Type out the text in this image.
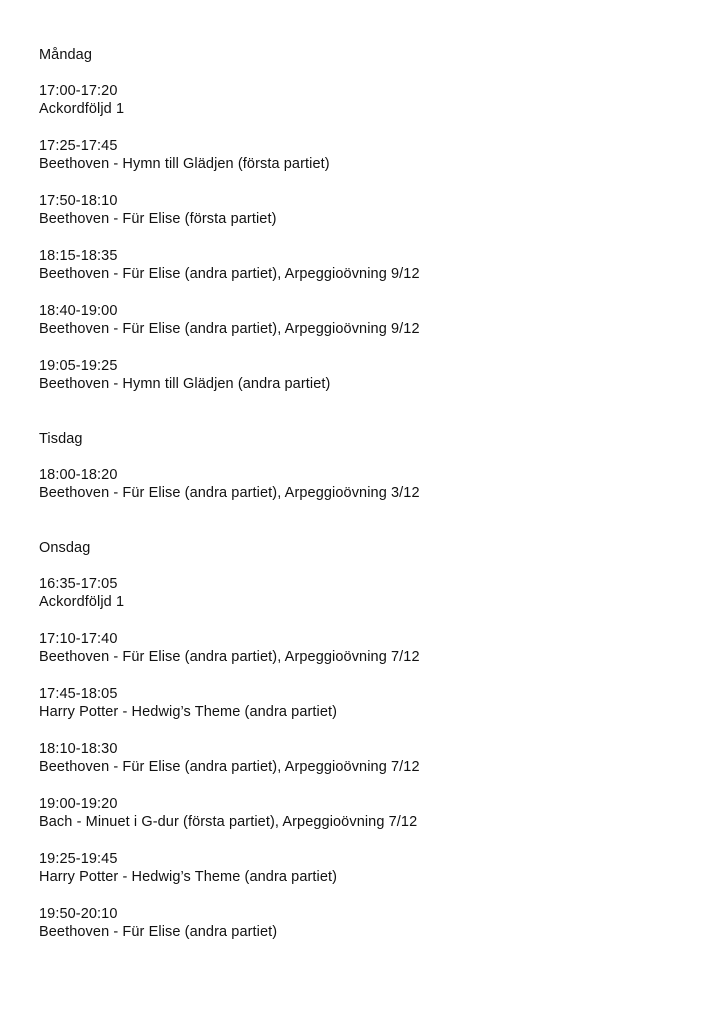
Måndag
17:00-17:20
Ackordföljd 1
17:25-17:45
Beethoven - Hymn till Glädjen (första partiet)
17:50-18:10
Beethoven - Für Elise (första partiet)
18:15-18:35
Beethoven - Für Elise (andra partiet), Arpeggioövning 9/12
18:40-19:00
Beethoven - Für Elise (andra partiet), Arpeggioövning 9/12
19:05-19:25
Beethoven - Hymn till Glädjen (andra partiet)
Tisdag
18:00-18:20
Beethoven - Für Elise (andra partiet), Arpeggioövning 3/12
Onsdag
16:35-17:05
Ackordföljd 1
17:10-17:40
Beethoven - Für Elise (andra partiet), Arpeggioövning 7/12
17:45-18:05
Harry Potter - Hedwig’s Theme (andra partiet)
18:10-18:30
Beethoven - Für Elise (andra partiet), Arpeggioövning 7/12
19:00-19:20
Bach - Minuet i G-dur (första partiet), Arpeggioövning 7/12
19:25-19:45
Harry Potter - Hedwig’s Theme (andra partiet)
19:50-20:10
Beethoven - Für Elise (andra partiet)
